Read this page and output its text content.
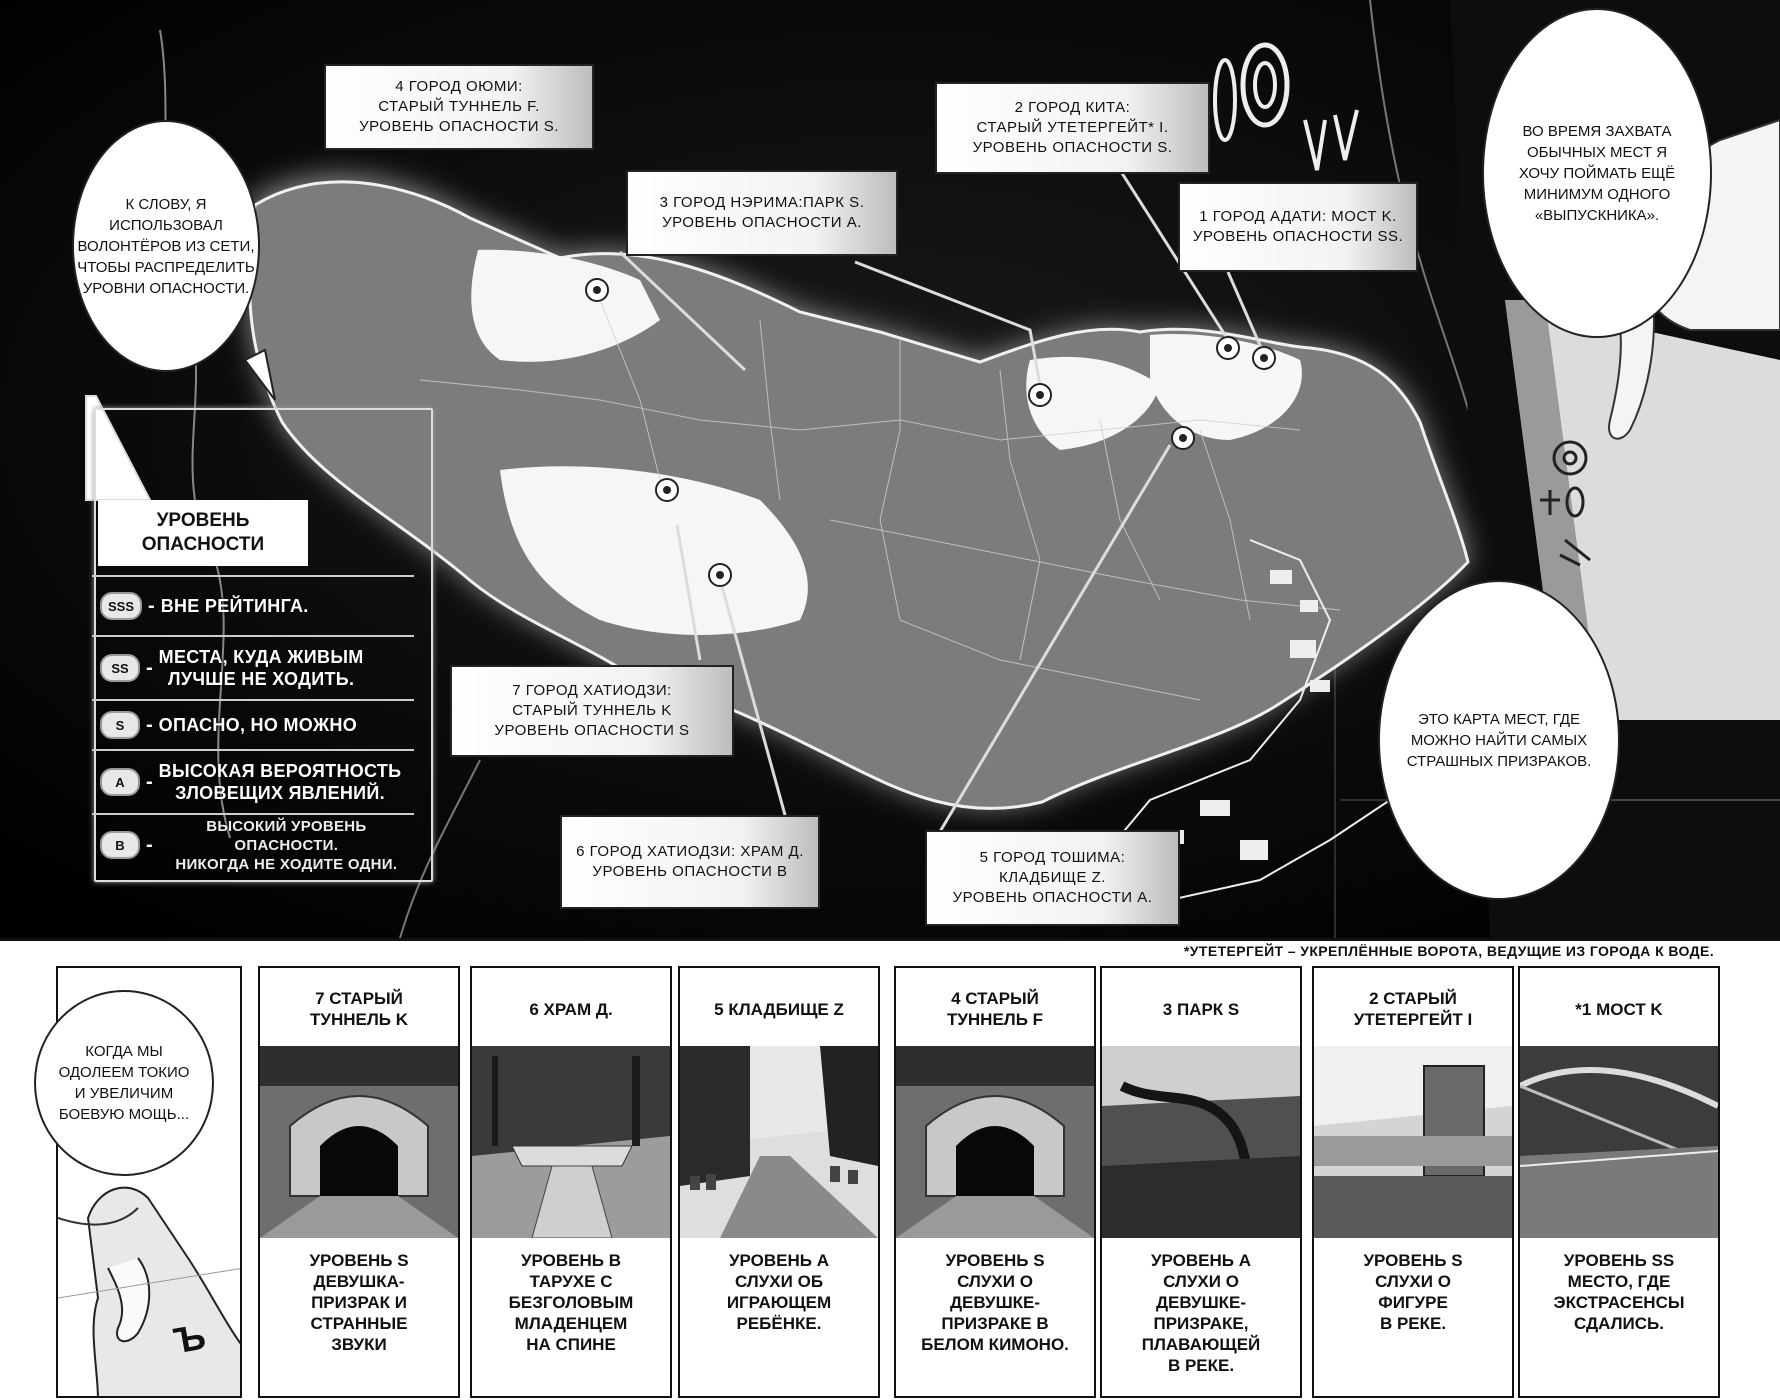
4 ГОРОД ОЮМИ:
СТАРЫЙ ТУННЕЛЬ F.
УРОВЕНЬ ОПАСНОСТИ S.
2 ГОРОД КИТА:
СТАРЫЙ УТЕТЕРГЕЙТ* I.
УРОВЕНЬ ОПАСНОСТИ S.
3 ГОРОД НЭРИМА:ПАРК S.
УРОВЕНЬ ОПАСНОСТИ A.	1 ГОРОД АДАТИ: МОСТ K.
УРОВЕНЬ ОПАСНОСТИ SS.
7 ГОРОД ХАТИОДЗИ:
СТАРЫЙ ТУННЕЛЬ K
УРОВЕНЬ ОПАСНОСТИ S
6 ГОРОД ХАТИОДЗИ: ХРАМ Д.
УРОВЕНЬ ОПАСНОСТИ B
5 ГОРОД ТОШИМА:
КЛАДБИЩЕ Z.
УРОВЕНЬ ОПАСНОСТИ A.
К СЛОВУ, Я
ИСПОЛЬЗОВАЛ
ВОЛОНТЁРОВ ИЗ СЕТИ,
ЧТОБЫ РАСПРЕДЕЛИТЬ
УРОВНИ ОПАСНОСТИ.
ВО ВРЕМЯ ЗАХВАТА
ОБЫЧНЫХ МЕСТ Я
ХОЧУ ПОЙМАТЬ ЕЩЁ
МИНИМУМ ОДНОГО
«ВЫПУСКНИКА».
ЭТО КАРТА МЕСТ, ГДЕ
МОЖНО НАЙТИ САМЫХ
СТРАШНЫХ ПРИЗРАКОВ.
УРОВЕНЬ
ОПАСНОСТИ
SSS - ВНЕ РЕЙТИНГА.
SS - МЕСТА, КУДА ЖИВЫМ
ЛУЧШЕ НЕ ХОДИТЬ.
S	- ОПАСНО, НО МОЖНО
A	- ВЫСОКАЯ ВЕРОЯТНОСТЬ
ЗЛОВЕЩИХ ЯВЛЕНИЙ.
B	-
ВЫСОКИЙ УРОВЕНЬ ОПАСНОСТИ.
НИКОГДА НЕ ХОДИТЕ ОДНИ.
*УТЕТЕРГЕЙТ – УКРЕПЛЁННЫЕ ВОРОТА, ВЕДУЩИЕ ИЗ ГОРОДА К ВОДЕ.
Ъ
КОГДА МЫ
ОДОЛЕЕМ ТОКИО
И УВЕЛИЧИМ
БОЕВУЮ МОЩЬ...
7 СТАРЫЙ
ТУННЕЛЬ K
УРОВЕНЬ S
ДЕВУШКА-
ПРИЗРАК И
СТРАННЫЕ
ЗВУКИ
6 ХРАМ Д.
УРОВЕНЬ B
ТАРУХЕ С
БЕЗГОЛОВЫМ
МЛАДЕНЦЕМ
НА СПИНЕ
5 КЛАДБИЩЕ Z
УРОВЕНЬ A
СЛУХИ ОБ
ИГРАЮЩЕМ
РЕБЁНКЕ.
4 СТАРЫЙ
ТУННЕЛЬ F
УРОВЕНЬ S
СЛУХИ О
ДЕВУШКЕ-
ПРИЗРАКЕ В
БЕЛОМ КИМОНО.
3 ПАРК S
УРОВЕНЬ A
СЛУХИ О
ДЕВУШКЕ-
ПРИЗРАКЕ,
ПЛАВАЮЩЕЙ
В РЕКЕ.
2 СТАРЫЙ
УТЕТЕРГЕЙТ I
УРОВЕНЬ S
СЛУХИ О
ФИГУРЕ
В РЕКЕ.
*1 МОСТ K
УРОВЕНЬ SS
МЕСТО, ГДЕ
ЭКСТРАСЕНСЫ
СДАЛИСЬ.
